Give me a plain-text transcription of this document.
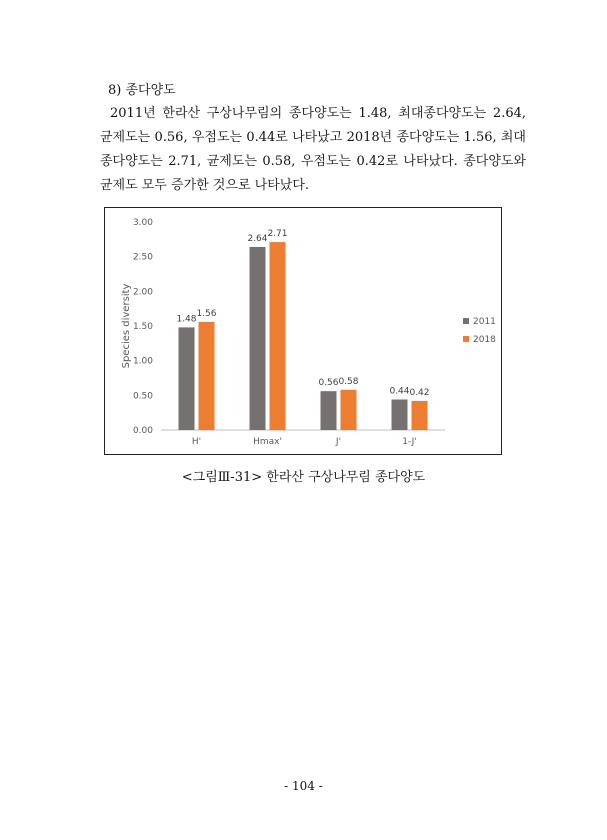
8) 종다양도
2011년 한라산 구상나무림의 종다양도는 1.48, 최대종다양도는 2.64, 균제도는 0.56, 우점도는 0.44로 나타났고 2018년 종다양도는 1.56, 최대종다양도는 2.71, 균제도는 0.58, 우점도는 0.42로 나타났다. 종다양도와 균제도 모두 증가한 것으로 나타났다.
0.00
0.50
1.00
1.50
2.00
2.50
3.00
Species diversity	1.48
1.56
H'
2.64 2.71
Hmax'
0.56 0.58
J'
0.44 0.42
1-J'
2011
2018
<그림Ⅲ-31> 한라산 구상나무림 종다양도
- 104 -
